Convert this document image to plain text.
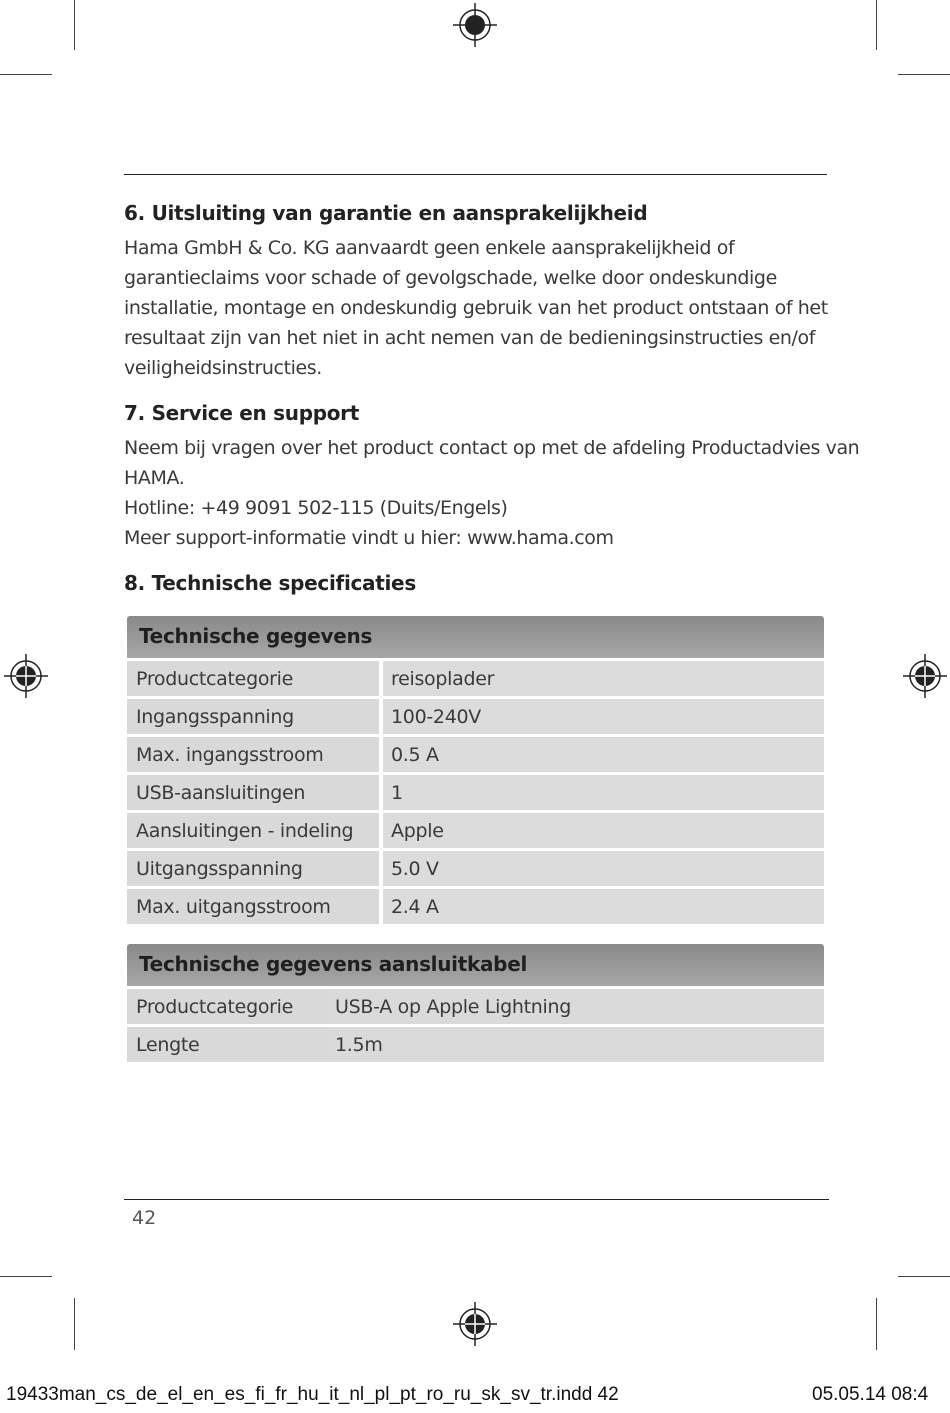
6. Uitsluiting van garantie en aansprakelijkheid
Hama GmbH & Co. KG aanvaardt geen enkele aansprakelijkheid of
garantieclaims voor schade of gevolgschade, welke door ondeskundige
installatie, montage en ondeskundig gebruik van het product ontstaan of het
resultaat zijn van het niet in acht nemen van de bedieningsinstructies en/of
veiligheidsinstructies.
7. Service en support
Neem bij vragen over het product contact op met de afdeling Productadvies van
HAMA.
Hotline: +49 9091 502-115 (Duits/Engels)
Meer support-informatie vindt u hier: www.hama.com
8. Technische specificaties
Technische gegevens
Productcategorie	reisoplader
Ingangsspanning	100-240V
Max. ingangsstroom	0.5 A
USB-aansluitingen	1
Aansluitingen - indeling	Apple
Uitgangsspanning	5.0 V
Max. uitgangsstroom	2.4 A
Technische gegevens aansluitkabel
Productcategorie	USB-A op Apple Lightning
Lengte	1.5m
42
19433man_cs_de_el_en_es_fi_fr_hu_it_nl_pl_pt_ro_ru_sk_sv_tr.indd 42	05.05.14 08:4
